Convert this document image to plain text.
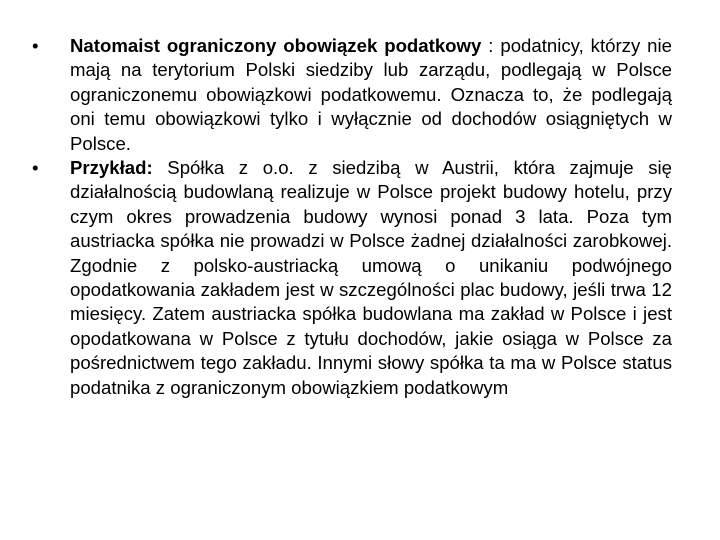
• Natomaist ograniczony obowiązek podatkowy : podatnicy, którzy nie mają na terytorium Polski siedziby lub zarządu, podlegają w Polsce ograniczonemu obowiązkowi podatkowemu. Oznacza to, że podlegają oni temu obowiązkowi tylko i wyłącznie od dochodów osiągniętych w Polsce.
• Przykład: Spółka z o.o. z siedzibą w Austrii, która zajmuje się działalnością budowlaną realizuje w Polsce projekt budowy hotelu, przy czym okres prowadzenia budowy wynosi ponad 3 lata. Poza tym austriacka spółka nie prowadzi w Polsce żadnej działalności zarobkowej. Zgodnie z polsko-austriacką umową o unikaniu podwójnego opodatkowania zakładem jest w szczególności plac budowy, jeśli trwa 12 miesięcy. Zatem austriacka spółka budowlana ma zakład w Polsce i jest opodatkowana w Polsce z tytułu dochodów, jakie osiąga w Polsce za pośrednictwem tego zakładu. Innymi słowy spółka ta ma w Polsce status podatnika z ograniczonym obowiązkiem podatkowym
